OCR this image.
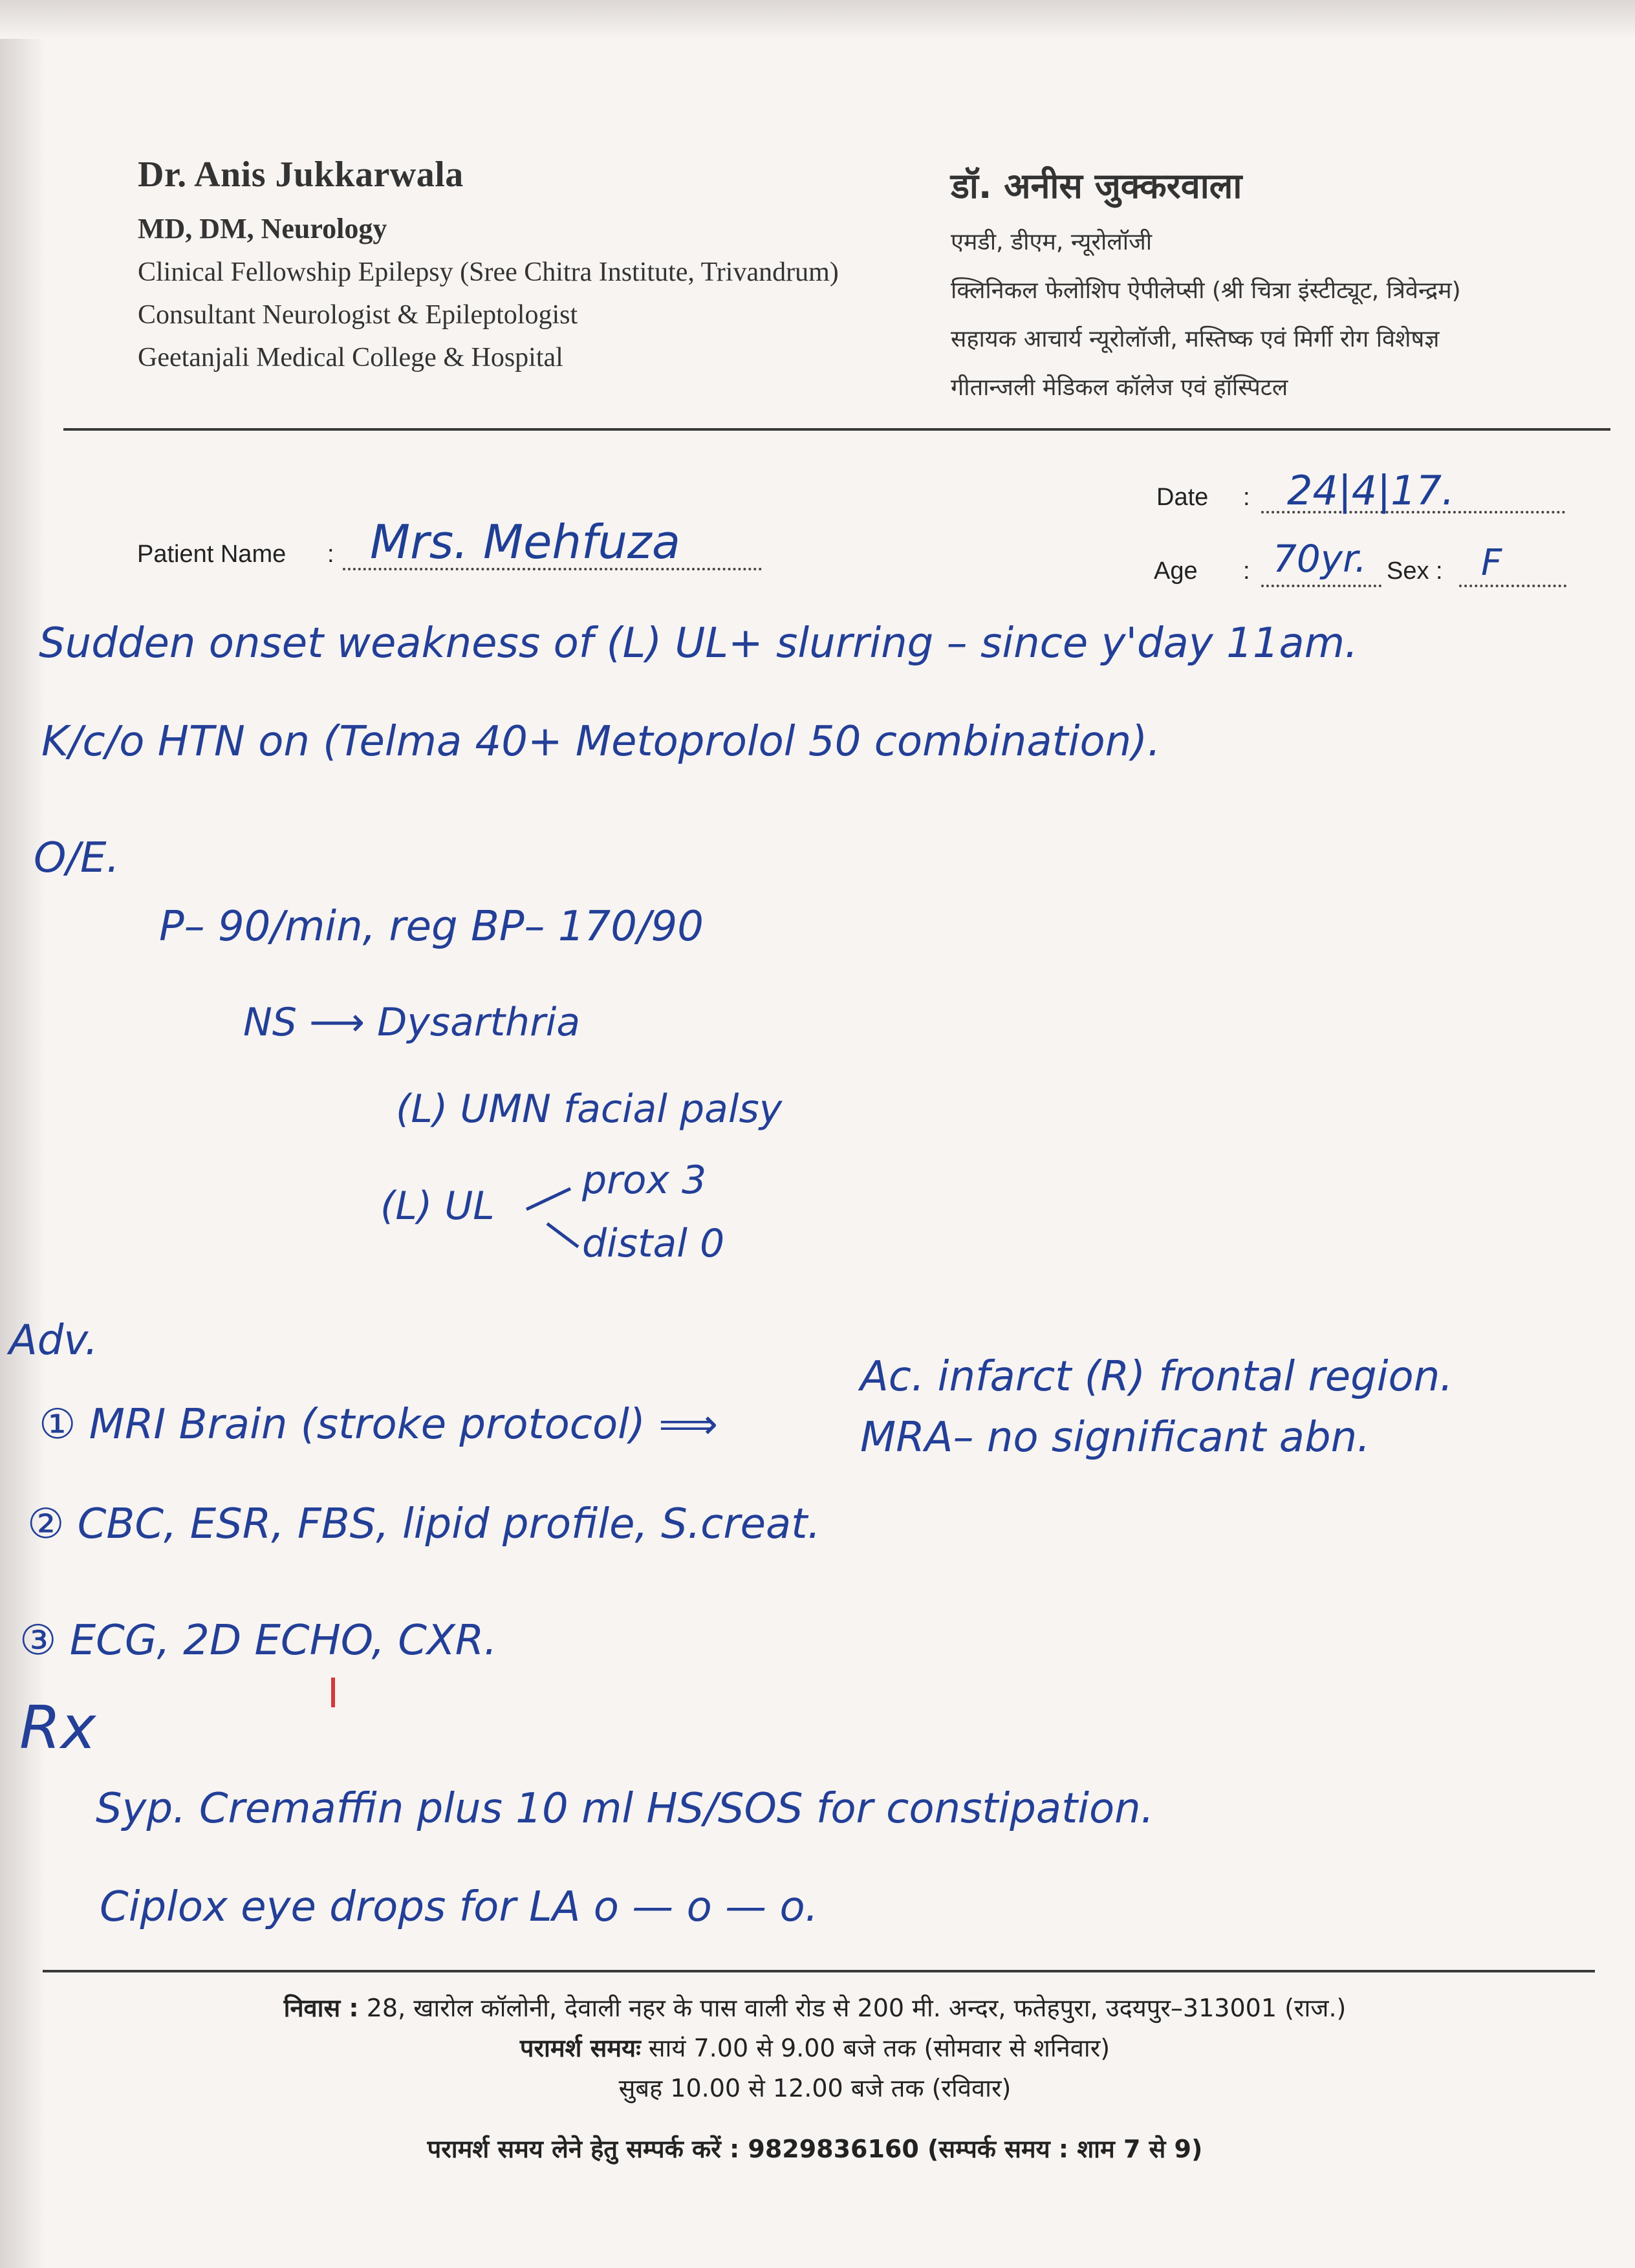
Dr. Anis Jukkarwala
MD, DM, Neurology
Clinical Fellowship Epilepsy (Sree Chitra Institute, Trivandrum)
Consultant Neurologist & Epileptologist
Geetanjali Medical College & Hospital
डॉ. अनीस जुक्करवाला
एमडी, डीएम, न्यूरोलॉजी
क्लिनिकल फेलोशिप ऐपीलेप्सी (श्री चित्रा इंस्टीट्यूट, त्रिवेन्द्रम)
सहायक आचार्य न्यूरोलॉजी, मस्तिष्क एवं मिर्गी रोग विशेषज्ञ
गीतान्जली मेडिकल कॉलेज एवं हॉस्पिटल
Date : 24|4|17.
Patient Name : Mrs. Mehfuza
Age : 70yr. Sex : F
Sudden onset weakness of (L) UL+ slurring – since y'day 11am.
K/c/o HTN on (Telma 40+ Metoprolol 50 combination).
O/E.
P– 90/min, reg BP– 170/90
NS ⟶ Dysarthria
(L) UMN facial palsy
(L) UL
prox 3
distal 0
Adv.
① MRI Brain (stroke protocol) ⟹
Ac. infarct (R) frontal region.
MRA– no significant abn.
② CBC, ESR, FBS, lipid profile, S.creat.
③ ECG, 2D ECHO, CXR.
Rx
Syp. Cremaffin plus 10 ml HS/SOS for constipation.
Ciplox eye drops for LA o — o — o.
निवास : 28, खारोल कॉलोनी, देवाली नहर के पास वाली रोड से 200 मी. अन्दर, फतेहपुरा, उदयपुर–313001 (राज.)
परामर्श समयः सायं 7.00 से 9.00 बजे तक (सोमवार से शनिवार)
सुबह 10.00 से 12.00 बजे तक (रविवार)
परामर्श समय लेने हेतु सम्पर्क करें : 9829836160 (सम्पर्क समय : शाम 7 से 9)
